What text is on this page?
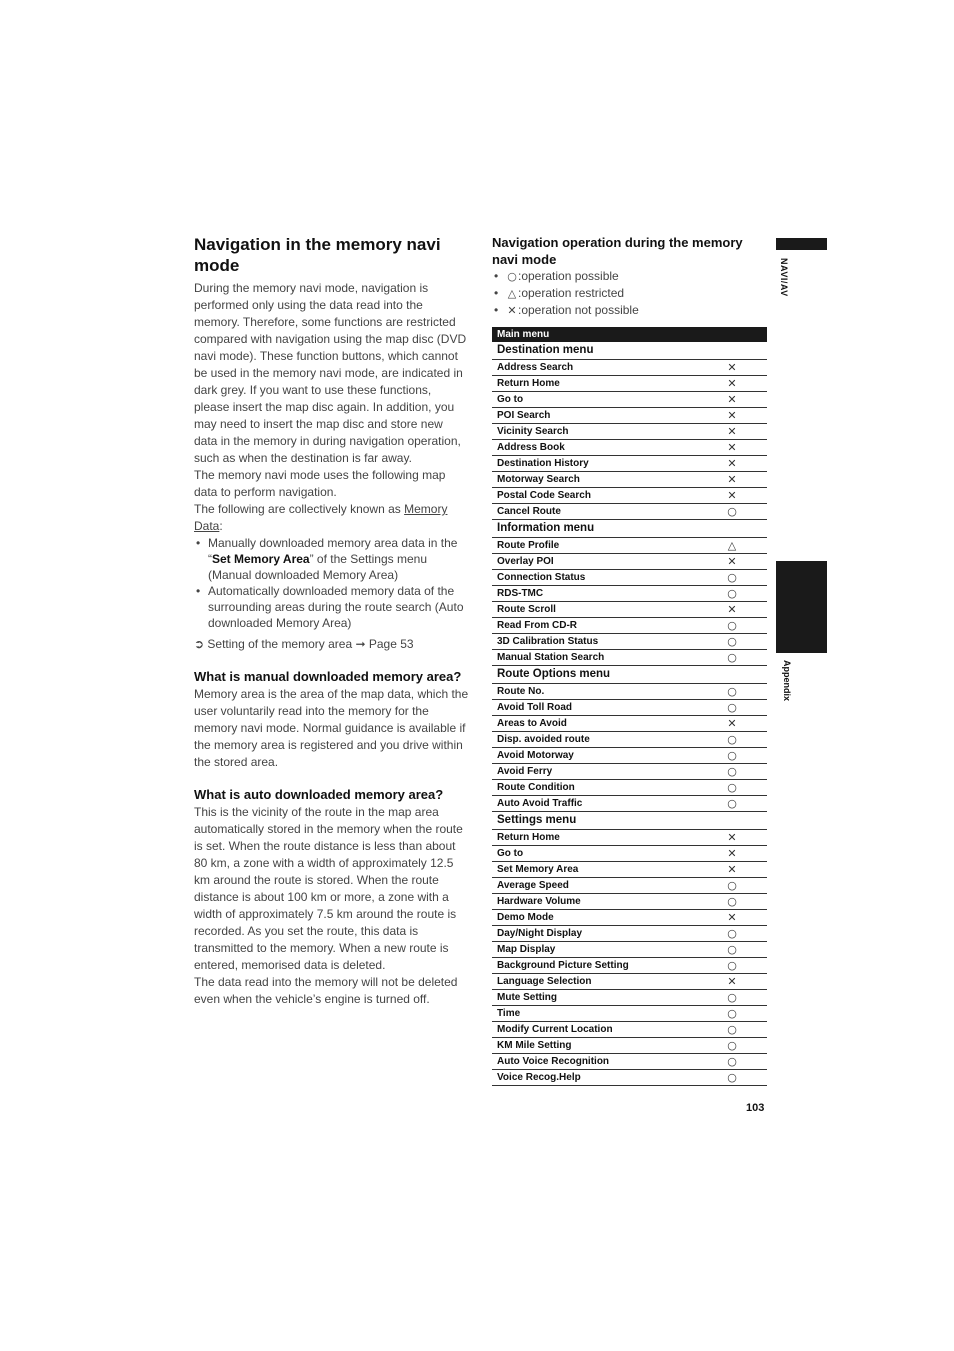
Navigation in the memory navi mode

During the memory navi mode, navigation is performed only using the data read into the memory. Therefore, some functions are restricted compared with navigation using the map disc (DVD navi mode). These function buttons, which cannot be used in the memory navi mode, are indicated in dark grey. If you want to use these functions, please insert the map disc again. In addition, you may need to insert the map disc and store new data in the memory in during navigation operation, such as when the destination is far away.

The memory navi mode uses the following map data to perform navigation.

The following are collectively known as Memory Data:

• Manually downloaded memory area data in the “Set Memory Area” of the Settings menu (Manual downloaded Memory Area)
• Automatically downloaded memory data of the surrounding areas during the route search (Auto downloaded Memory Area)
➲ Setting of the memory area ➞ Page 53
What is manual downloaded memory area?

Memory area is the area of the map data, which the user voluntarily read into the memory for the memory navi mode. Normal guidance is available if the memory area is registered and you drive within the stored area.

What is auto downloaded memory area?

This is the vicinity of the route in the map area automatically stored in the memory when the route is set. When the route distance is less than about 80 km, a zone with a width of approximately 12.5 km around the route is stored. When the route distance is about 100 km or more, a zone with a width of approximately 7.5 km around the route is recorded. As you set the route, this data is transmitted to the memory. When a new route is entered, memorised data is deleted.

The data read into the memory will not be deleted even when the vehicle’s engine is turned off.

Navigation operation during the memory navi mode
• ○:operation possible
• △ :operation restricted
• ✕:operation not possible
Main menu
Destination menu
Address Search	✕
Return Home	✕
Go to	✕
POI Search	✕
Vicinity Search	✕
Address Book	✕
Destination History	✕
Motorway Search	✕
Postal Code Search	✕
Cancel Route	○
Information menu
Route Profile	△
Overlay POI	✕
Connection Status	○
RDS-TMC	○
Route Scroll	✕
Read From CD-R	○
3D Calibration Status	○
Manual Station Search	○
Route Options menu
Route No.	○
Avoid Toll Road	○
Areas to Avoid	✕
Disp. avoided route	○
Avoid Motorway	○
Avoid Ferry	○
Route Condition	○
Auto Avoid Traffic	○
Settings menu
Return Home	✕
Go to	✕
Set Memory Area	✕
Average Speed	○
Hardware Volume	○
Demo Mode	✕
Day/Night Display	○
Map Display	○
Background Picture Setting	○
Language Selection	✕
Mute Setting	○
Time	○
Modify Current Location	○
KM Mile Setting	○
Auto Voice Recognition	○
Voice Recog.Help	○
NAVI/AV
Appendix
103
